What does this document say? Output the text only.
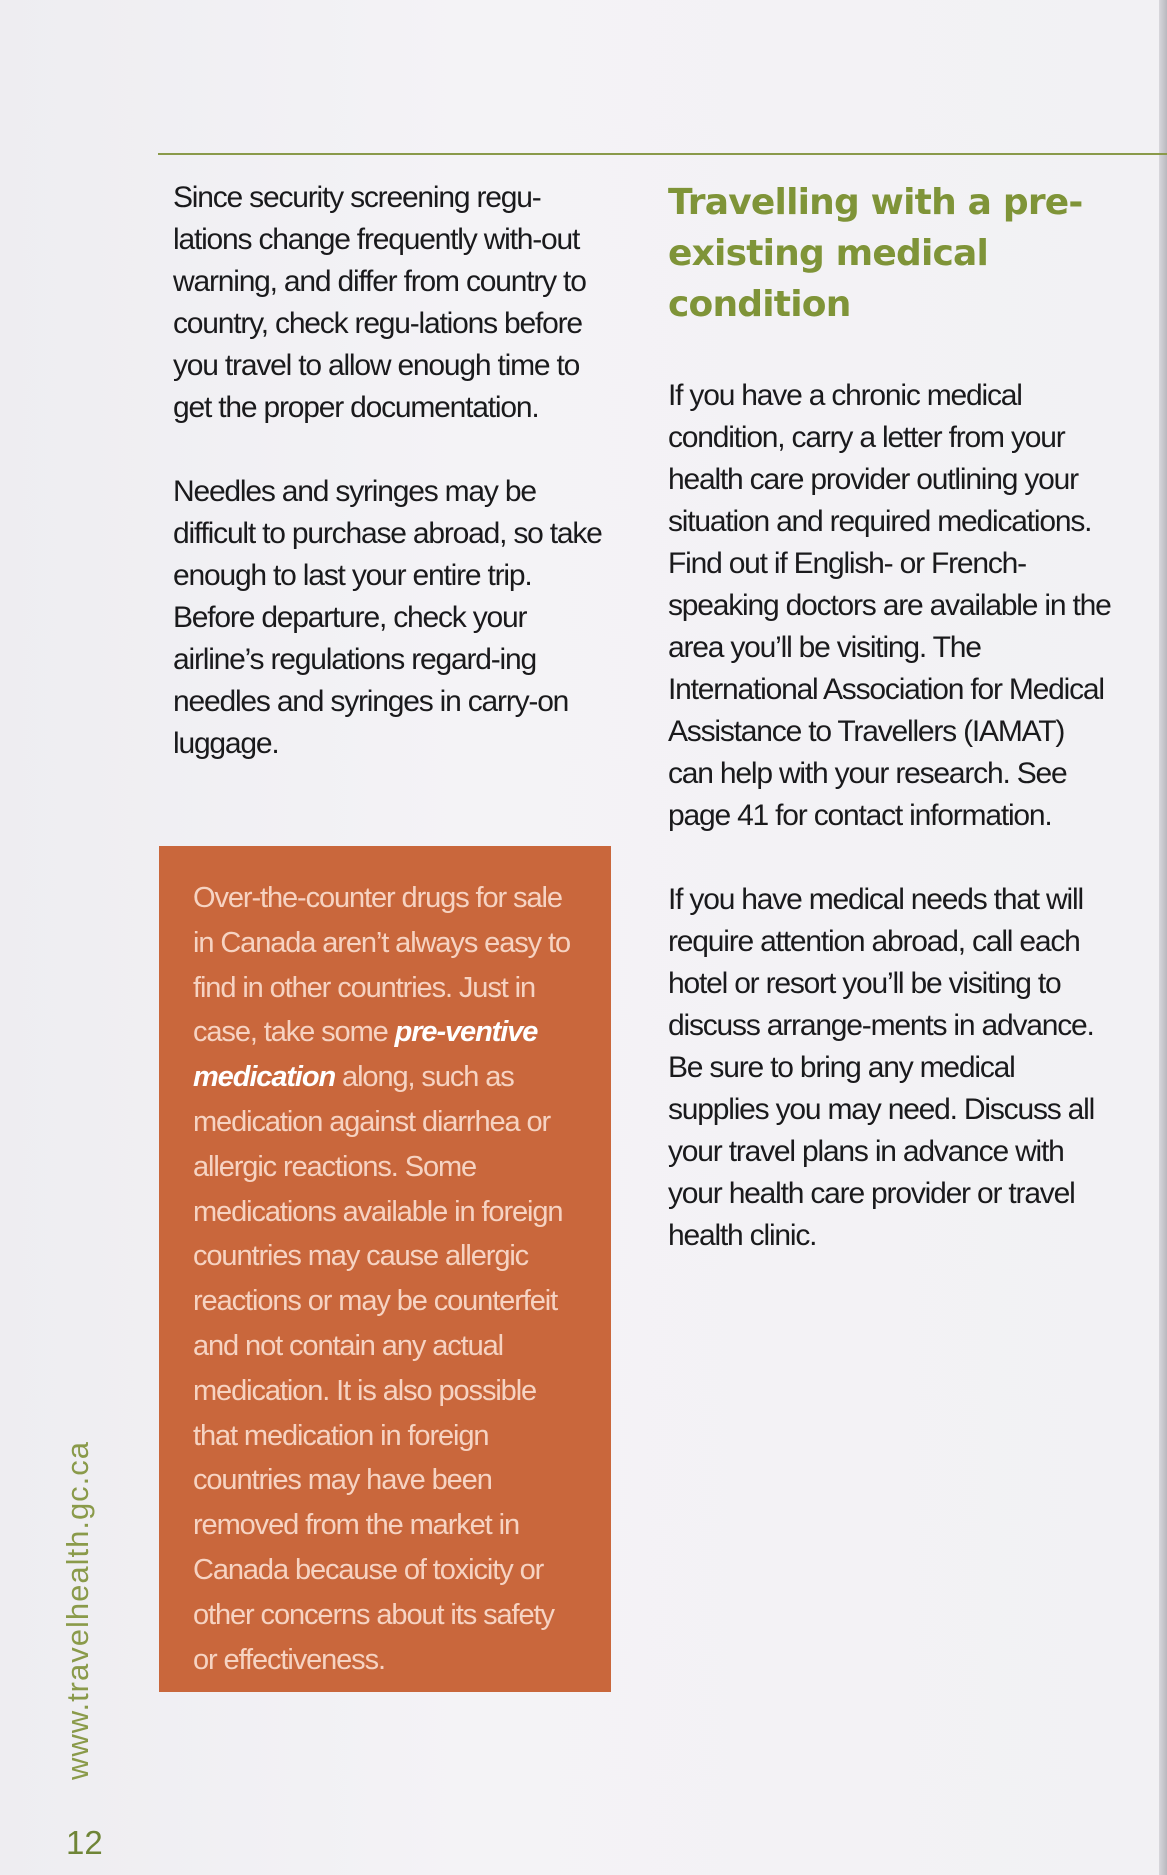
Since security screening regu-lations change frequently with-out warning, and differ from country to country, check regu-lations before you travel to allow enough time to get the proper documentation.

Needles and syringes may be difficult to purchase abroad, so take enough to last your entire trip. Before departure, check your airline’s regulations regard-ing needles and syringes in carry-on luggage.

Over-the-counter drugs for sale in Canada aren’t always easy to find in other countries. Just in case, take some pre-ventive medication along, such as medication against diarrhea or allergic reactions. Some medications available in foreign countries may cause allergic reactions or may be counterfeit and not contain any actual medication. It is also possible that medication in foreign countries may have been removed from the market in Canada because of toxicity or other concerns about its safety or effectiveness.

Travelling with a pre-existing medical condition

If you have a chronic medical condition, carry a letter from your health care provider outlining your situation and required medications. Find out if English- or French-speaking doctors are available in the area you’ll be visiting. The International Association for Medical Assistance to Travellers (IAMAT) can help with your research. See page 41 for contact information.

If you have medical needs that will require attention abroad, call each hotel or resort you’ll be visiting to discuss arrange-ments in advance. Be sure to bring any medical supplies you may need. Discuss all your travel plans in advance with your health care provider or travel health clinic.

www.travelhealth.gc.ca
12
